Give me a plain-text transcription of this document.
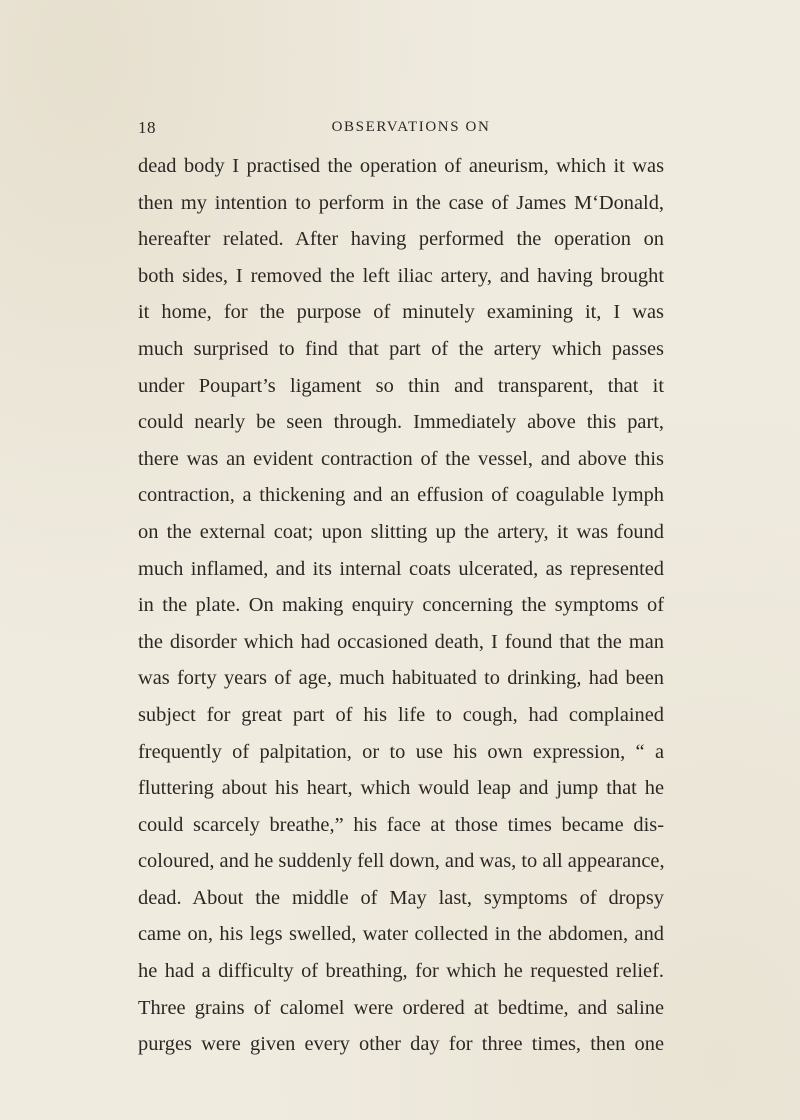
18	OBSERVATIONS ON
dead body I practised the operation of aneurism, which it was
then my intention to perform in the case of James M‘Donald,
hereafter related. After having performed the operation on
both sides, I removed the left iliac artery, and having brought
it home, for the purpose of minutely examining it, I was
much surprised to find that part of the artery which passes
under Poupart’s ligament so thin and transparent, that it
could nearly be seen through. Immediately above this part,
there was an evident contraction of the vessel, and above this
contraction, a thickening and an effusion of coagulable lymph
on the external coat; upon slitting up the artery, it was found
much inflamed, and its internal coats ulcerated, as represented
in the plate. On making enquiry concerning the symptoms of
the disorder which had occasioned death, I found that the man
was forty years of age, much habituated to drinking, had been
subject for great part of his life to cough, had complained
frequently of palpitation, or to use his own expression, “ a
fluttering about his heart, which would leap and jump that he
could scarcely breathe,” his face at those times became dis-
coloured, and he suddenly fell down, and was, to all appearance,
dead. About the middle of May last, symptoms of dropsy
came on, his legs swelled, water collected in the abdomen, and
he had a difficulty of breathing, for which he requested relief.
Three grains of calomel were ordered at bedtime, and saline
purges were given every other day for three times, then one
